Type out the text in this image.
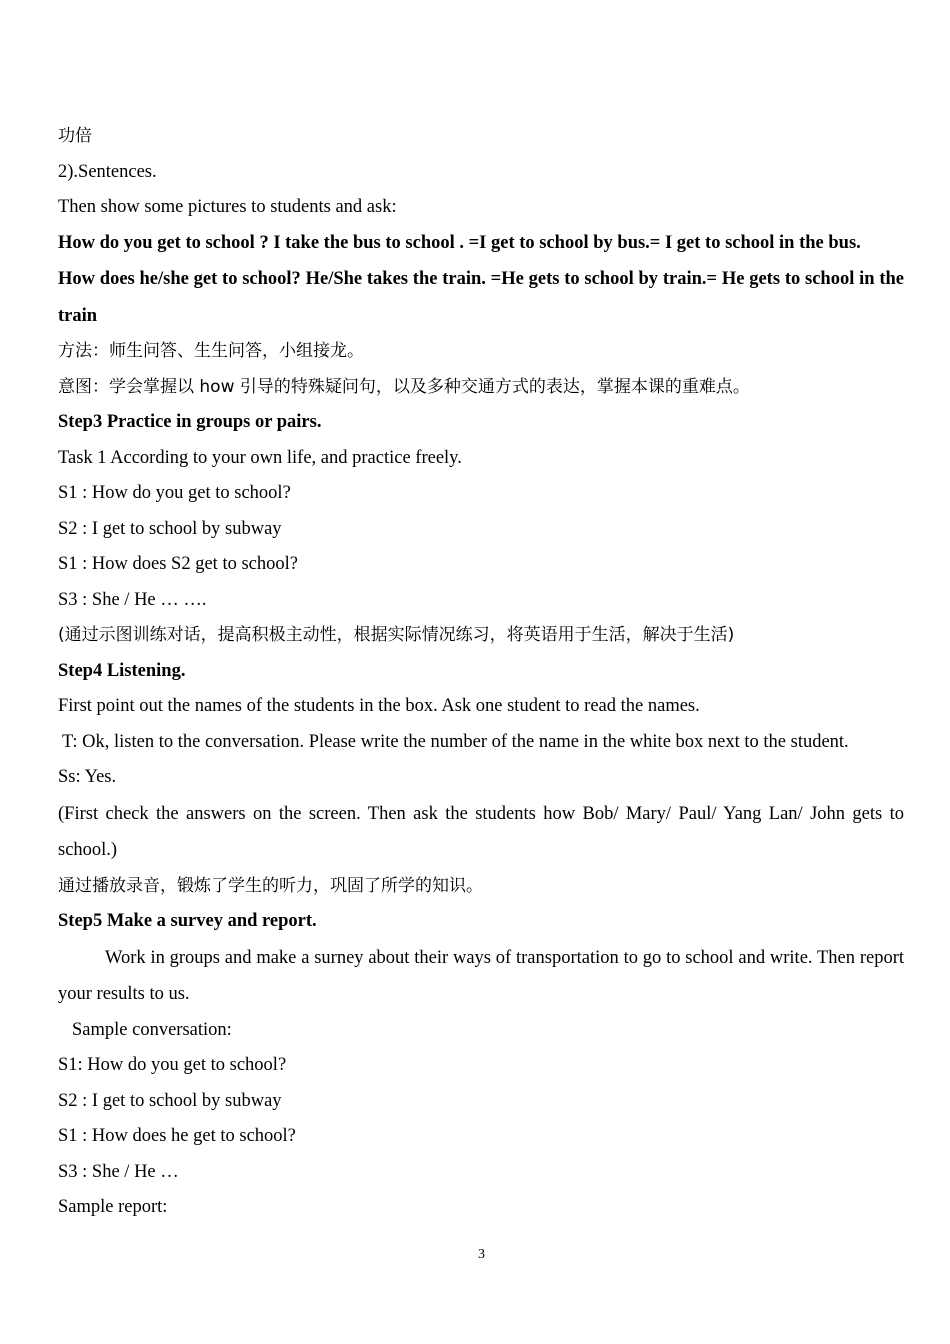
功倍
2).Sentences.
Then show some pictures to students and ask:
How do you get to school ? I take the bus to school . =I get to school by bus.= I get to school in the bus.
How does he/she get to school? He/She takes the train. =He gets to school by train.= He gets to school in the train
方法：师生问答、生生问答，小组接龙。
意图：学会掌握以 how 引导的特殊疑问句，以及多种交通方式的表达，掌握本课的重难点。
Step3 Practice in groups or pairs.
Task 1 According to your own life, and practice freely.
S1 : How do you get to school?
S2 : I get to school by subway
S1 : How does S2 get to school?
S3 : She / He … ….
(通过示图训练对话，提高积极主动性，根据实际情况练习，将英语用于生活，解决于生活)
Step4 Listening.
First point out the names of the students in the box. Ask one student to read the names.
T: Ok, listen to the conversation. Please write the number of the name in the white box next to the student.
Ss: Yes.
(First check the answers on the screen. Then ask the students how Bob/ Mary/ Paul/ Yang Lan/ John gets to school.)
通过播放录音，锻炼了学生的听力，巩固了所学的知识。
Step5 Make a survey and report.
Work in groups and make a surney about their ways of transportation to go to school and write. Then report your results to us.
Sample conversation:
S1: How do you get to school?
S2 : I get to school by subway
S1 : How does he get to school?
S3 : She / He …
Sample report:
3
